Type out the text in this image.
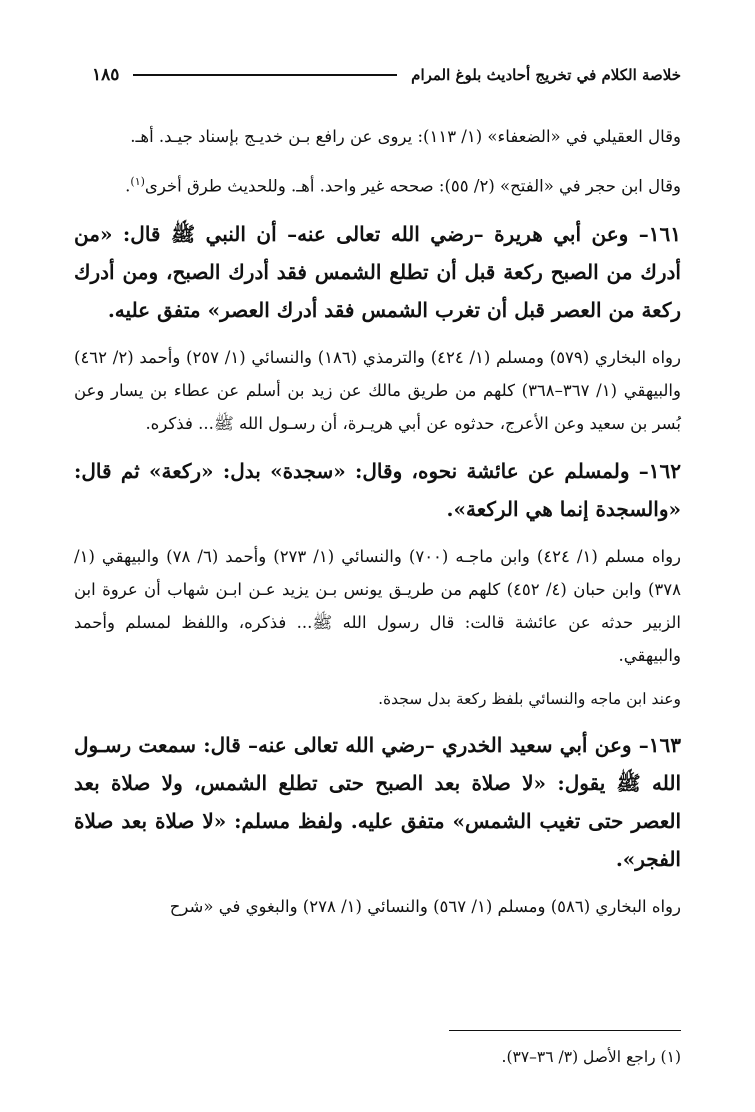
خلاصة الكلام في تخريج أحاديث بلوغ المرام
١٨٥

وقال العقيلي في «الضعفاء» (١/ ١١٣): يروى عن رافع بـن خديـج بإسناد جيـد. أهـ.

وقال ابن حجر في «الفتح» (٢/ ٥٥): صححه غير واحد. أهـ. وللحديث طرق أخرى$^{(١)}$.

١٦١– وعن أبي هريرة –رضي الله تعالى عنه– أن النبي ﷺ قال: «من أدرك من الصبح ركعة قبل أن تطلع الشمس فقد أدرك الصبح، ومن أدرك ركعة من العصر قبل أن تغرب الشمس فقد أدرك العصر» متفق عليه.

رواه البخاري (٥٧٩) ومسلم (١/ ٤٢٤) والترمذي (١٨٦) والنسائي (١/ ٢٥٧) وأحمد (٢/ ٤٦٢) والبيهقي (١/ ٣٦٧–٣٦٨) كلهم من طريق مالك عن زيد بن أسلم عن عطاء بن يسار وعن بُسر بن سعيد وعن الأعرج، حدثوه عن أبي هريـرة، أن رسـول الله ﷺ... فذكره.

١٦٢– ولمسلم عن عائشة نحوه، وقال: «سجدة» بدل: «ركعة» ثم قال: «والسجدة إنما هي الركعة».

رواه مسلم (١/ ٤٢٤) وابن ماجـه (٧٠٠) والنسائي (١/ ٢٧٣) وأحمد (٦/ ٧٨) والبيهقي (١/ ٣٧٨) وابن حبان (٤/ ٤٥٢) كلهم من طريـق يونس بـن يزيد عـن ابـن شهاب أن عروة ابن الزبير حدثه عن عائشة قالت: قال رسول الله ﷺ... فذكره، واللفظ لمسلم وأحمد والبيهقي.

وعند ابن ماجه والنسائي بلفظ ركعة بدل سجدة.

١٦٣– وعن أبي سعيد الخدري –رضي الله تعالى عنه– قال: سمعت رسـول الله ﷺ يقول: «لا صلاة بعد الصبح حتى تطلع الشمس، ولا صلاة بعد العصر حتى تغيب الشمس» متفق عليه. ولفظ مسلم: «لا صلاة بعد صلاة الفجر».

رواه البخاري (٥٨٦) ومسلم (١/ ٥٦٧) والنسائي (١/ ٢٧٨) والبغوي في «شرح

(١) راجع الأصل (٣/ ٣٦–٣٧).
